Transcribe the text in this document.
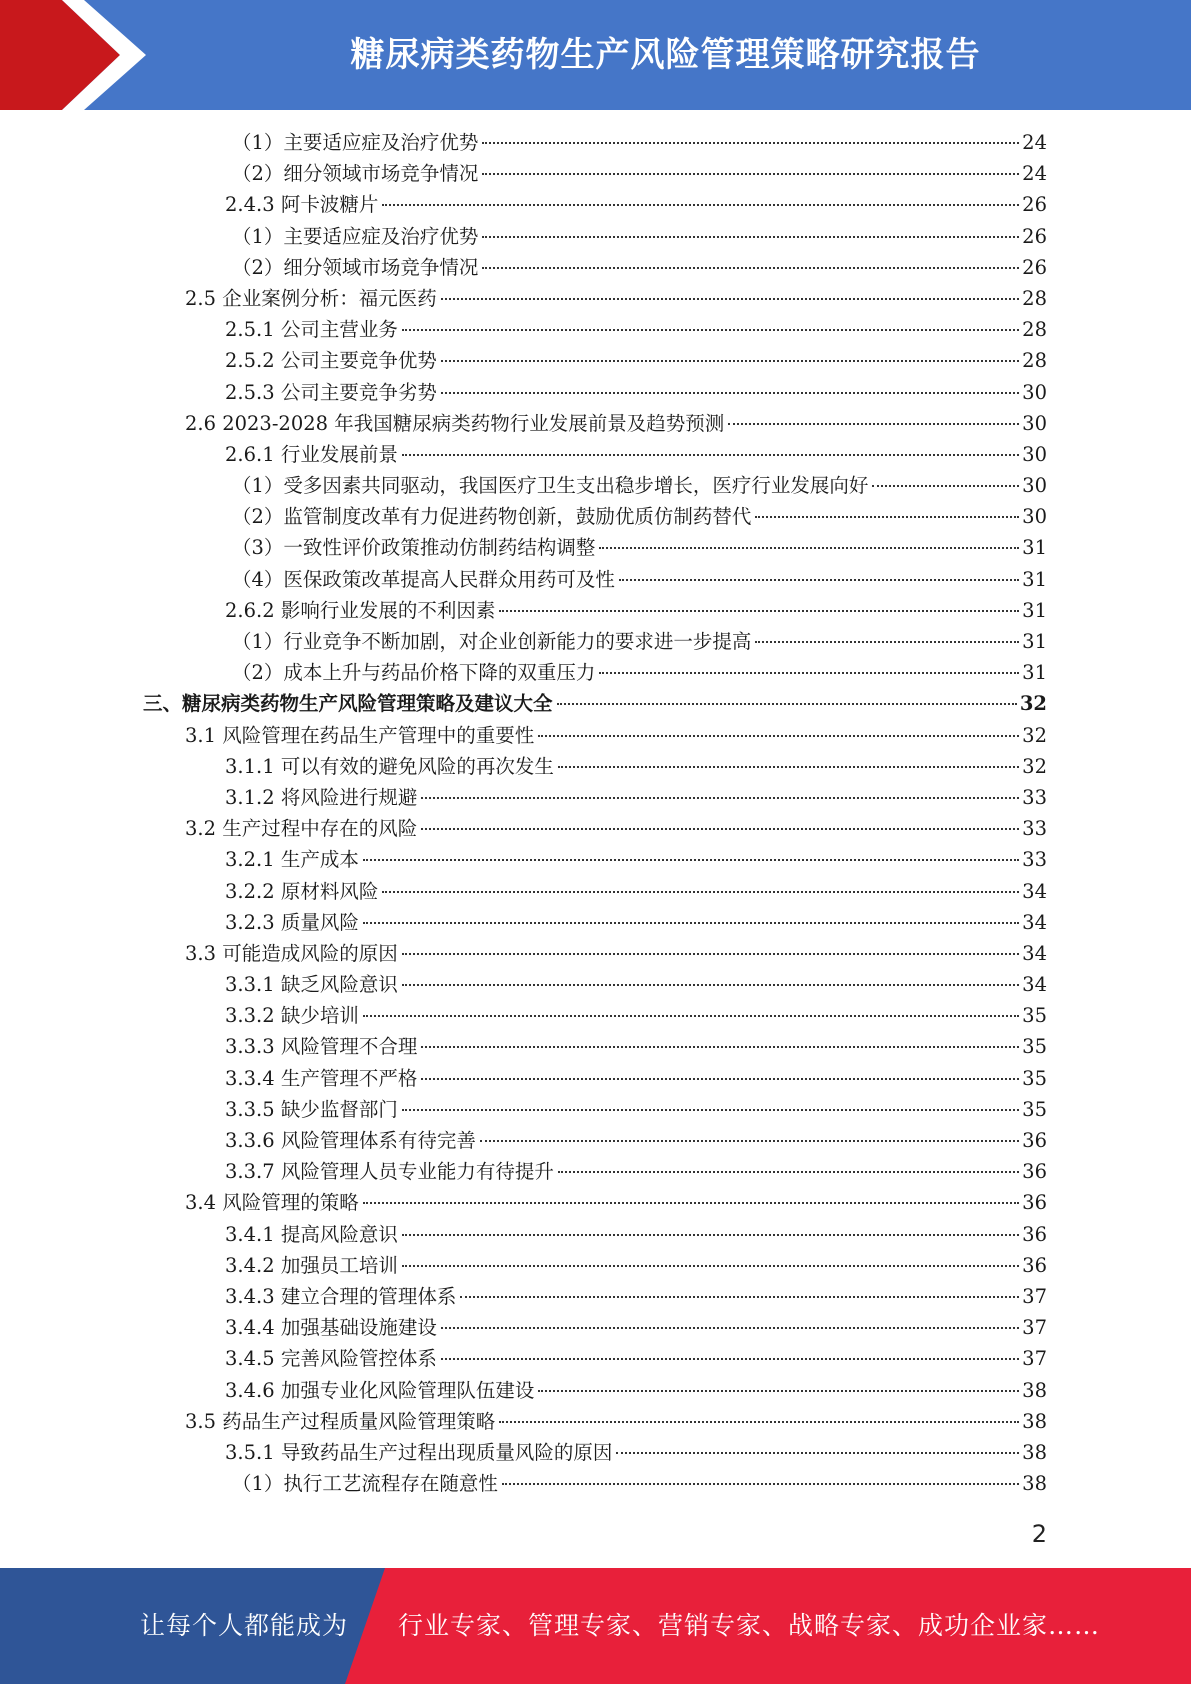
糖尿病类药物生产风险管理策略研究报告
（1）主要适应症及治疗优势	24
（2）细分领域市场竞争情况	24
2.4.3 阿卡波糖片	26
（1）主要适应症及治疗优势	26
（2）细分领域市场竞争情况	26
2.5 企业案例分析：福元医药	28
2.5.1 公司主营业务	28
2.5.2 公司主要竞争优势	28
2.5.3 公司主要竞争劣势	30
2.6 2023-2028 年我国糖尿病类药物行业发展前景及趋势预测	30
2.6.1 行业发展前景	30
（1）受多因素共同驱动，我国医疗卫生支出稳步增长，医疗行业发展向好	30
（2）监管制度改革有力促进药物创新，鼓励优质仿制药替代	30
（3）一致性评价政策推动仿制药结构调整	31
（4）医保政策改革提高人民群众用药可及性	31
2.6.2 影响行业发展的不利因素	31
（1）行业竞争不断加剧，对企业创新能力的要求进一步提高	31
（2）成本上升与药品价格下降的双重压力	31
三、糖尿病类药物生产风险管理策略及建议大全	32
3.1 风险管理在药品生产管理中的重要性	32
3.1.1 可以有效的避免风险的再次发生	32
3.1.2 将风险进行规避	33
3.2 生产过程中存在的风险	33
3.2.1 生产成本	33
3.2.2 原材料风险	34
3.2.3 质量风险	34
3.3 可能造成风险的原因	34
3.3.1 缺乏风险意识	34
3.3.2 缺少培训	35
3.3.3 风险管理不合理	35
3.3.4 生产管理不严格	35
3.3.5 缺少监督部门	35
3.3.6 风险管理体系有待完善	36
3.3.7 风险管理人员专业能力有待提升	36
3.4 风险管理的策略	36
3.4.1 提高风险意识	36
3.4.2 加强员工培训	36
3.4.3 建立合理的管理体系	37
3.4.4 加强基础设施建设	37
3.4.5 完善风险管控体系	37
3.4.6 加强专业化风险管理队伍建设	38
3.5 药品生产过程质量风险管理策略	38
3.5.1 导致药品生产过程出现质量风险的原因	38
（1）执行工艺流程存在随意性	38
2
让每个人都能成为 行业专家、管理专家、营销专家、战略专家、成功企业家……
